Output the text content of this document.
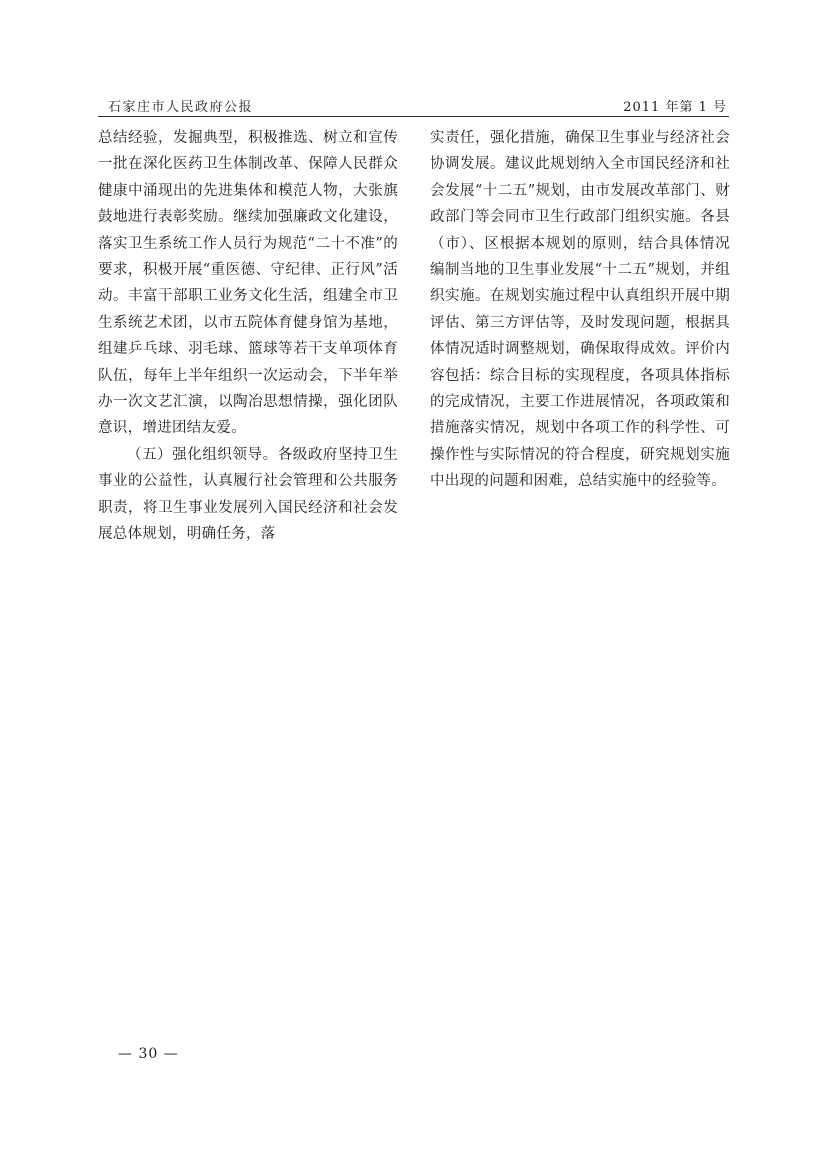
石家庄市人民政府公报	2011 年第 1 号

总结经验，发掘典型，积极推选、树立和宣传一批在深化医药卫生体制改革、保障人民群众健康中涌现出的先进集体和模范人物，大张旗鼓地进行表彰奖励。继续加强廉政文化建设，落实卫生系统工作人员行为规范“二十不准”的要求，积极开展“重医德、守纪律、正行风”活动。丰富干部职工业务文化生活，组建全市卫生系统艺术团，以市五院体育健身馆为基地，组建乒乓球、羽毛球、篮球等若干支单项体育队伍，每年上半年组织一次运动会，下半年举办一次文艺汇演，以陶冶思想情操，强化团队意识，增进团结友爱。

（五）强化组织领导。各级政府坚持卫生事业的公益性，认真履行社会管理和公共服务职责，将卫生事业发展列入国民经济和社会发展总体规划，明确任务，落

实责任，强化措施，确保卫生事业与经济社会协调发展。建议此规划纳入全市国民经济和社会发展“十二五”规划，由市发展改革部门、财政部门等会同市卫生行政部门组织实施。各县（市）、区根据本规划的原则，结合具体情况编制当地的卫生事业发展“十二五”规划，并组织实施。在规划实施过程中认真组织开展中期评估、第三方评估等，及时发现问题，根据具体情况适时调整规划，确保取得成效。评价内容包括：综合目标的实现程度，各项具体指标的完成情况，主要工作进展情况，各项政策和措施落实情况，规划中各项工作的科学性、可操作性与实际情况的符合程度，研究规划实施中出现的问题和困难，总结实施中的经验等。

— 30 —
